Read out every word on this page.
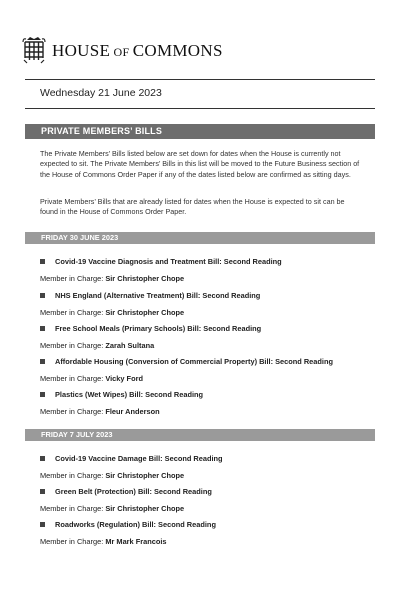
HOUSE OF COMMONS
Wednesday 21 June 2023
PRIVATE MEMBERS’ BILLS
The Private Members’ Bills listed below are set down for dates when the House is currently not expected to sit. The Private Members’ Bills in this list will be moved to the Future Business section of the House of Commons Order Paper if any of the dates listed below are confirmed as sitting days.
Private Members’ Bills that are already listed for dates when the House is expected to sit can be found in the House of Commons Order Paper.
FRIDAY 30 JUNE 2023
Covid-19 Vaccine Diagnosis and Treatment Bill: Second Reading
Member in Charge: Sir Christopher Chope
NHS England (Alternative Treatment) Bill: Second Reading
Member in Charge: Sir Christopher Chope
Free School Meals (Primary Schools) Bill: Second Reading
Member in Charge: Zarah Sultana
Affordable Housing (Conversion of Commercial Property) Bill: Second Reading
Member in Charge: Vicky Ford
Plastics (Wet Wipes) Bill: Second Reading
Member in Charge: Fleur Anderson
FRIDAY 7 JULY 2023
Covid-19 Vaccine Damage Bill: Second Reading
Member in Charge: Sir Christopher Chope
Green Belt (Protection) Bill: Second Reading
Member in Charge: Sir Christopher Chope
Roadworks (Regulation) Bill: Second Reading
Member in Charge: Mr Mark Francois
